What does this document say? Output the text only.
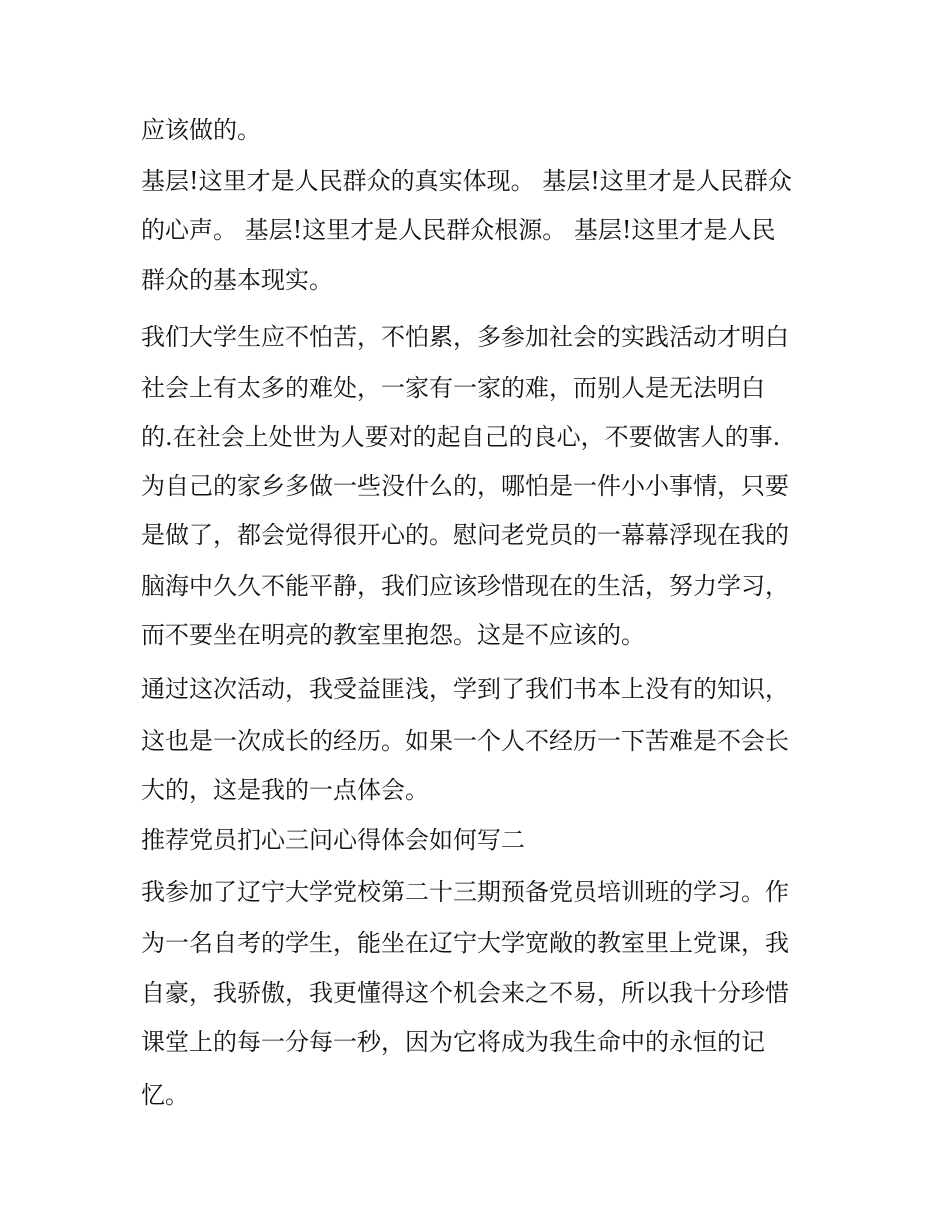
应该做的。

基层!这里才是人民群众的真实体现。 基层!这里才是人民群众

的心声。 基层!这里才是人民群众根源。 基层!这里才是人民

群众的基本现实。

我们大学生应不怕苦，不怕累，多参加社会的实践活动才明白

社会上有太多的难处，一家有一家的难，而别人是无法明白

的.在社会上处世为人要对的起自己的良心，不要做害人的事.

为自己的家乡多做一些没什么的，哪怕是一件小小事情，只要

是做了，都会觉得很开心的。慰问老党员的一幕幕浮现在我的

脑海中久久不能平静，我们应该珍惜现在的生活，努力学习，

而不要坐在明亮的教室里抱怨。这是不应该的。

通过这次活动，我受益匪浅，学到了我们书本上没有的知识，

这也是一次成长的经历。如果一个人不经历一下苦难是不会长

大的，这是我的一点体会。

推荐党员扪心三问心得体会如何写二

我参加了辽宁大学党校第二十三期预备党员培训班的学习。作

为一名自考的学生，能坐在辽宁大学宽敞的教室里上党课，我

自豪，我骄傲，我更懂得这个机会来之不易，所以我十分珍惜

课堂上的每一分每一秒，因为它将成为我生命中的永恒的记

忆。
